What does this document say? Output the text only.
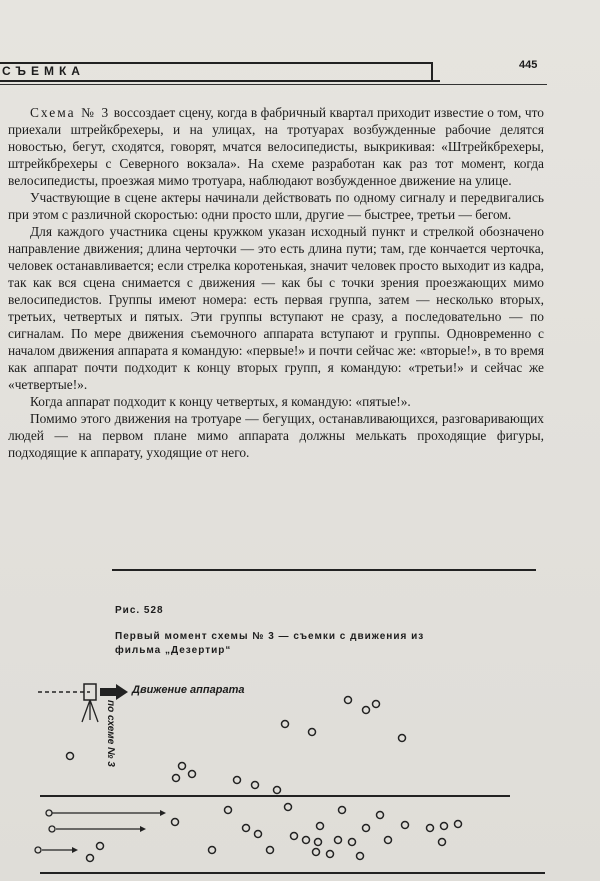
СЪЕМКА	445

Схема № 3 воссоздает сцену, когда в фабричный квартал приходит известие о том, что приехали штрейкбрехеры, и на улицах, на тротуарах возбужденные рабочие делятся новостью, бегут, сходятся, говорят, мчатся велосипедисты, выкрикивая: «Штрейкбрехеры, штрейкбрехеры с Северного вокзала». На схеме разработан как раз тот момент, когда велосипедисты, проезжая мимо тротуара, наблюдают возбужденное движение на улице.

Участвующие в сцене актеры начинали действовать по одному сигналу и передвигались при этом с различной скоростью: одни просто шли, другие — быстрее, третьи — бегом.

Для каждого участника сцены кружком указан исходный пункт и стрелкой обозначено направление движения; длина черточки — это есть длина пути; там, где кончается черточка, человек останавливается; если стрелка коротенькая, значит человек просто выходит из кадра, так как вся сцена снимается с движения — как бы с точки зрения проезжающих мимо велосипедистов. Группы имеют номера: есть первая группа, затем — несколько вторых, третьих, четвертых и пятых. Эти группы вступают не сразу, а последовательно — по сигналам. По мере движения съемочного аппарата вступают и группы. Одновременно с началом движения аппарата я командую: «первые!» и почти сейчас же: «вторые!», в то время как аппарат почти подходит к концу вторых групп, я командую: «третьи!» и сейчас же «четвертые!».

Когда аппарат подходит к концу четвертых, я командую: «пятые!».

Помимо этого движения на тротуаре — бегущих, останавливающихся, разговаривающих людей — на первом плане мимо аппарата должны мелькать проходящие фигуры, подходящие к аппарату, уходящие от него.

Рис. 528
Первый момент схемы № 3 — съемки с движения из фильма „Дезертир“
Движение аппарата
по схеме № 3
